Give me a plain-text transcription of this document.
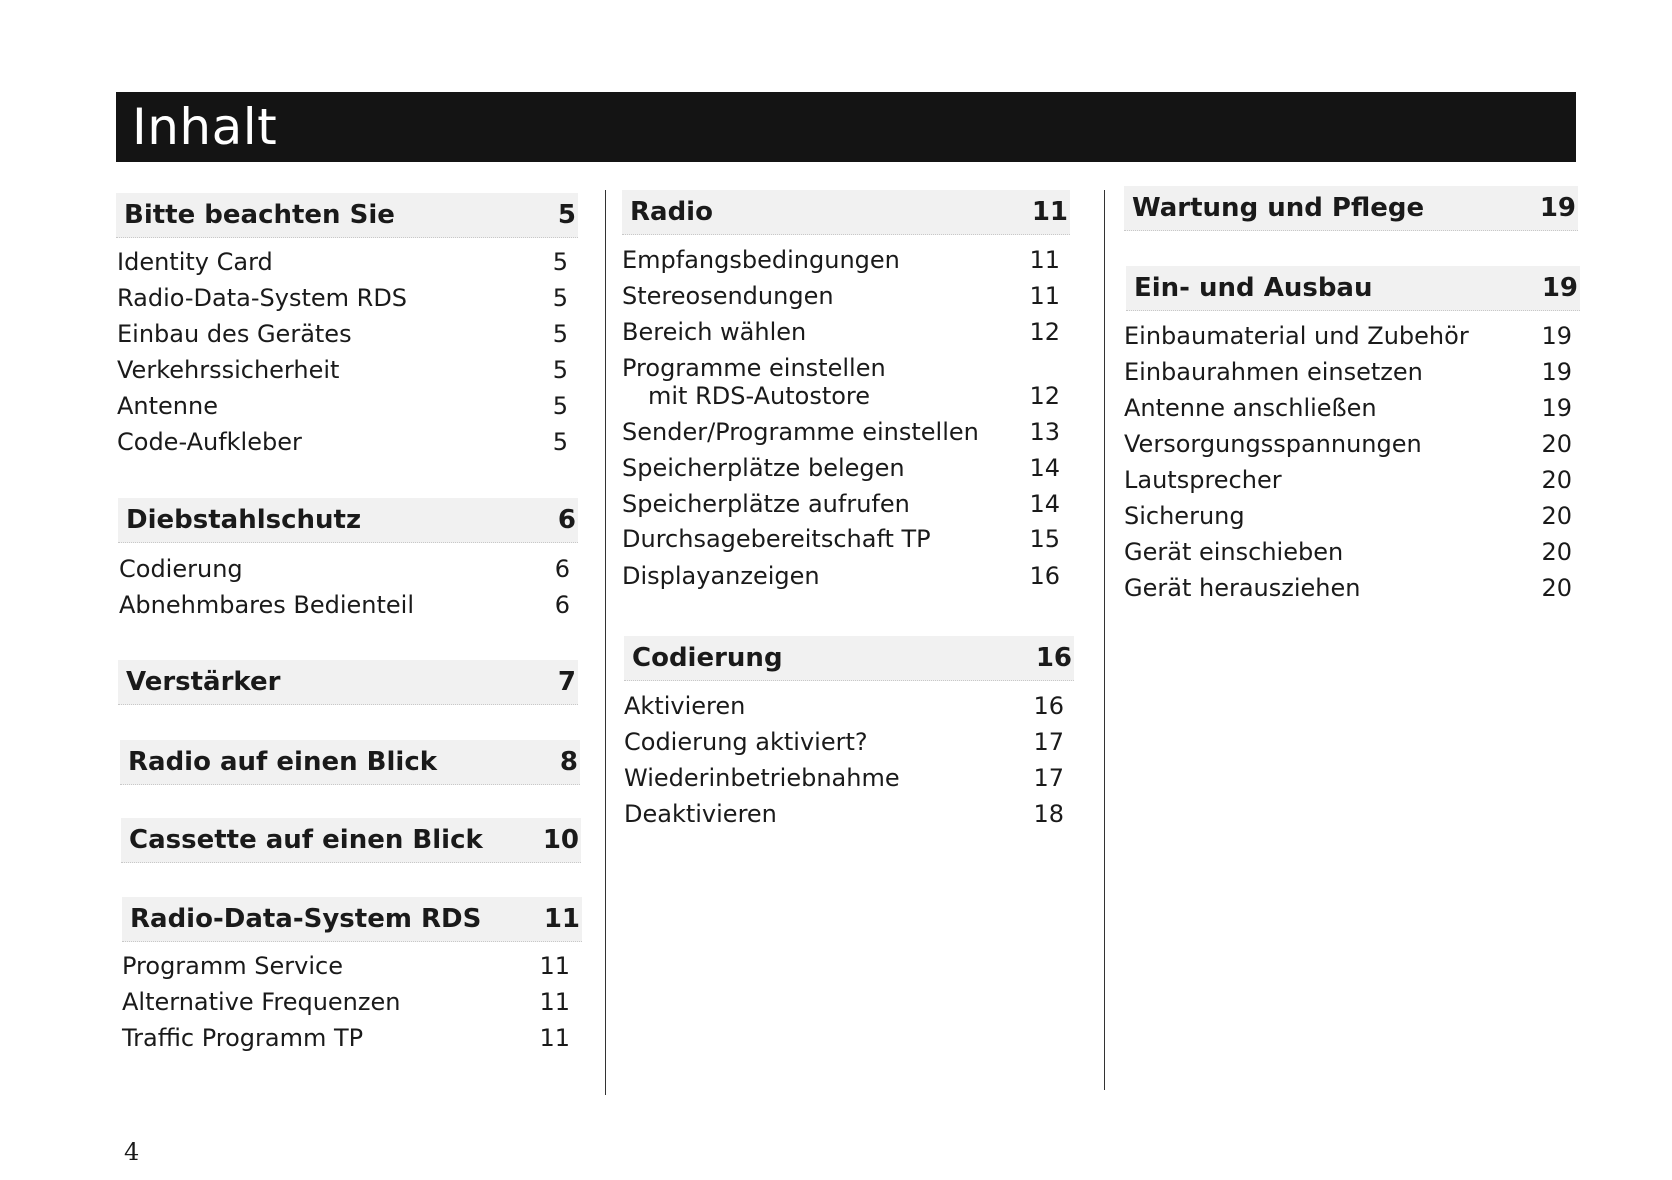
Inhalt
Bitte beachten Sie	5
Identity Card	5
Radio-Data-System RDS	5
Einbau des Gerätes	5
Verkehrssicherheit	5
Antenne	5
Code-Aufkleber	5
Diebstahlschutz	6
Codierung	6
Abnehmbares Bedienteil	6
Verstärker	7
Radio auf einen Blick	8
Cassette auf einen Blick 10
Radio-Data-System RDS 11
Programm Service	11
Alternative Frequenzen	11
Traffic Programm TP	11
Radio	11
Empfangsbedingungen	11
Stereosendungen	11
Bereich wählen	12
Programme einstellen
mit RDS-Autostore	12
Sender/Programme einstellen	13
Speicherplätze belegen	14
Speicherplätze aufrufen	14
Durchsagebereitschaft TP	15
Displayanzeigen	16
Codierung	16
Aktivieren	16
Codierung aktiviert?	17
Wiederinbetriebnahme	17
Deaktivieren	18
Wartung und Pflege	19
Ein- und Ausbau	19
Einbaumaterial und Zubehör	19
Einbaurahmen einsetzen	19
Antenne anschließen	19
Versorgungsspannungen	20
Lautsprecher	20
Sicherung	20
Gerät einschieben	20
Gerät herausziehen	20
4
